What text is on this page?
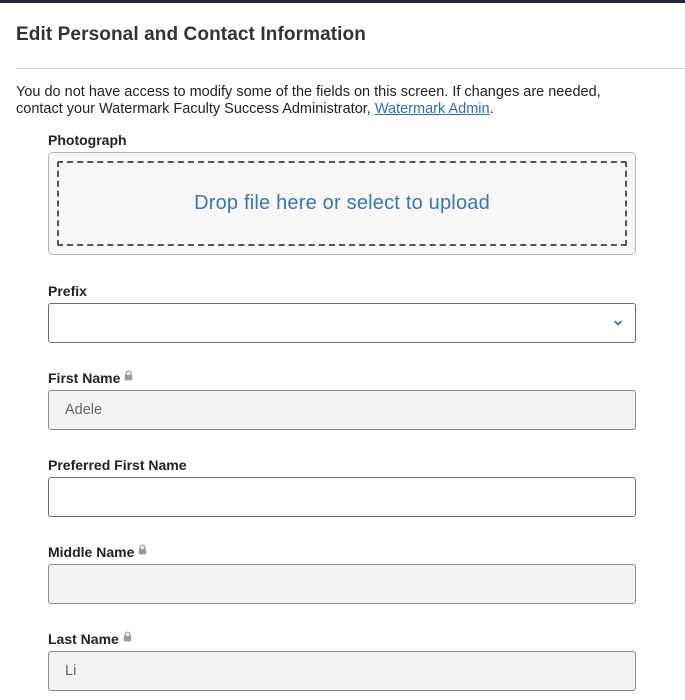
Edit Personal and Contact Information

You do not have access to modify some of the fields on this screen. If changes are needed, contact your Watermark Faculty Success Administrator, Watermark Admin.

Photograph
Drop file here or select to upload
Prefix
First Name
Adele
Preferred First Name
Middle Name
Last Name
Li
